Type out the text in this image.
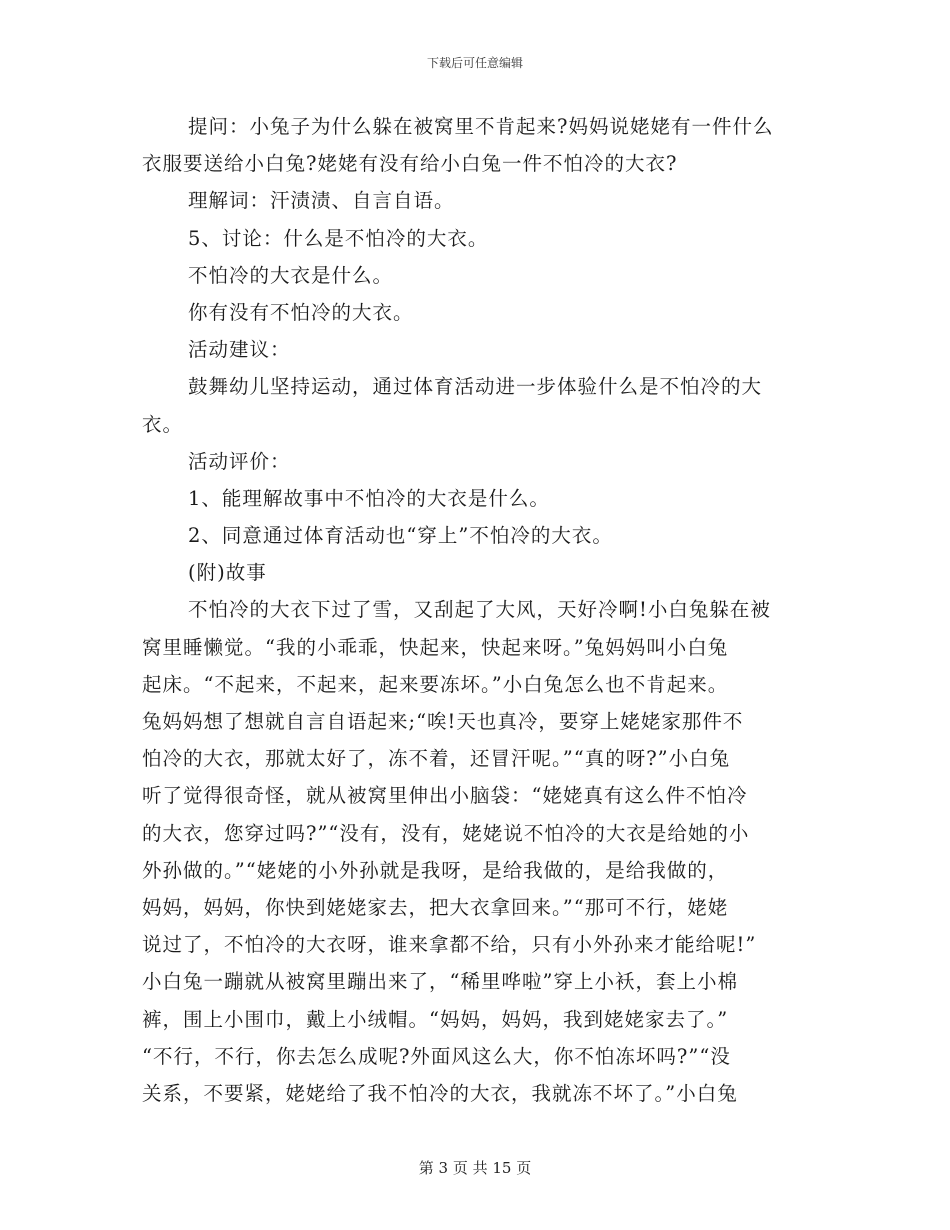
下载后可任意编辑
提问：小兔子为什么躲在被窝里不肯起来?妈妈说姥姥有一件什么
衣服要送给小白兔?姥姥有没有给小白兔一件不怕冷的大衣?
理解词：汗渍渍、自言自语。
5、讨论：什么是不怕冷的大衣。
不怕冷的大衣是什么。
你有没有不怕冷的大衣。
活动建议：
鼓舞幼儿坚持运动，通过体育活动进一步体验什么是不怕冷的大
衣。
活动评价：
1、能理解故事中不怕冷的大衣是什么。
2、同意通过体育活动也“穿上”不怕冷的大衣。
(附)故事
不怕冷的大衣下过了雪，又刮起了大风，天好冷啊!小白兔躲在被
窝里睡懒觉。“我的小乖乖，快起来，快起来呀。”兔妈妈叫小白兔
起床。“不起来，不起来，起来要冻坏。”小白兔怎么也不肯起来。
兔妈妈想了想就自言自语起来;“唉!天也真冷，要穿上姥姥家那件不
怕冷的大衣，那就太好了，冻不着，还冒汗呢。”“真的呀?”小白兔
听了觉得很奇怪，就从被窝里伸出小脑袋：“姥姥真有这么件不怕冷
的大衣，您穿过吗?”“没有，没有，姥姥说不怕冷的大衣是给她的小
外孙做的。”“姥姥的小外孙就是我呀，是给我做的，是给我做的，
妈妈，妈妈，你快到姥姥家去，把大衣拿回来。”“那可不行，姥姥
说过了，不怕冷的大衣呀，谁来拿都不给，只有小外孙来才能给呢!”
小白兔一蹦就从被窝里蹦出来了，“稀里哗啦”穿上小袄，套上小棉
裤，围上小围巾，戴上小绒帽。“妈妈，妈妈，我到姥姥家去了。”
“不行，不行，你去怎么成呢?外面风这么大，你不怕冻坏吗?”“没
关系，不要紧，姥姥给了我不怕冷的大衣，我就冻不坏了。”小白兔
第 3 页 共 15 页
